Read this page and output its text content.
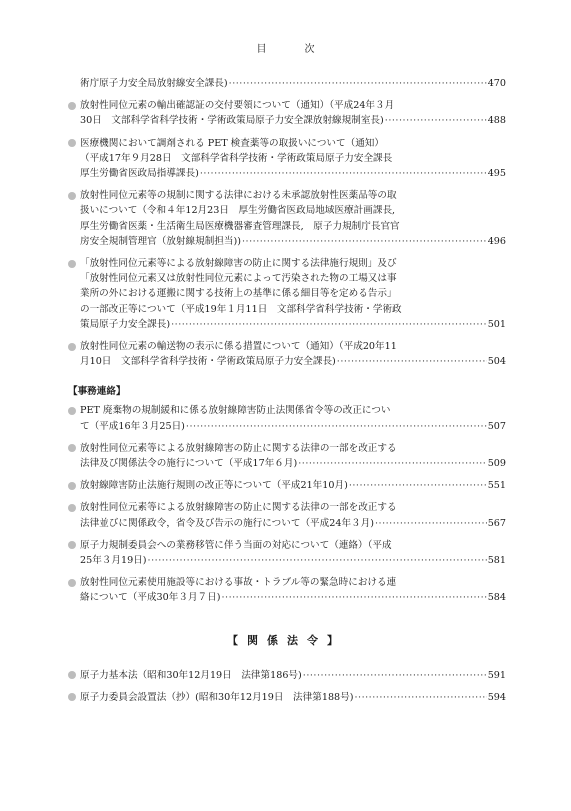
目　次
術庁原子力安全局放射線安全課長) ·····	470
放射性同位元素の輸出確認証の交付要領について（通知）（平成24年３月
30日　文部科学省科学技術・学術政策局原子力安全課放射線規制室長) ·····	488
医療機関において調剤される PET 検査薬等の取扱いについて（通知）
（平成17年９月28日　文部科学省科学技術・学術政策局原子力安全課長
厚生労働省医政局指導課長) ·····	495
放射性同位元素等の規制に関する法律における未承認放射性医薬品等の取
扱いについて（令和４年12月23日　厚生労働省医政局地域医療計画課長,
厚生労働省医薬・生活衛生局医療機器審査管理課長,　原子力規制庁長官官
房安全規制管理官（放射線規制担当)) ·····	496
「放射性同位元素等による放射線障害の防止に関する法律施行規則」及び
「放射性同位元素又は放射性同位元素によって汚染された物の工場又は事
業所の外における運搬に関する技術上の基準に係る細目等を定める告示」
の一部改正等について（平成19年１月11日　文部科学省科学技術・学術政
策局原子力安全課長) ·····	501
放射性同位元素の輸送物の表示に係る措置について（通知）（平成20年11
月10日　文部科学省科学技術・学術政策局原子力安全課長) ·····	504
【事務連絡】
PET 廃棄物の規制緩和に係る放射線障害防止法関係省令等の改正につい
て（平成16年３月25日) ·····	507
放射性同位元素等による放射線障害の防止に関する法律の一部を改正する
法律及び関係法令の施行について（平成17年６月) ·····	509
放射線障害防止法施行規則の改正等について（平成21年10月) ·····	551
放射性同位元素等による放射線障害の防止に関する法律の一部を改正する
法律並びに関係政令，省令及び告示の施行について（平成24年３月) ·····	567
原子力規制委員会への業務移管に伴う当面の対応について（連絡）（平成
25年３月19日) ·····	581
放射性同位元素使用施設等における事故・トラブル等の緊急時における連
絡について（平成30年３月７日) ·····	584
【関係法令】
原子力基本法（昭和30年12月19日　法律第186号) ·····	591
原子力委員会設置法（抄）(昭和30年12月19日　法律第188号) ·····	594
